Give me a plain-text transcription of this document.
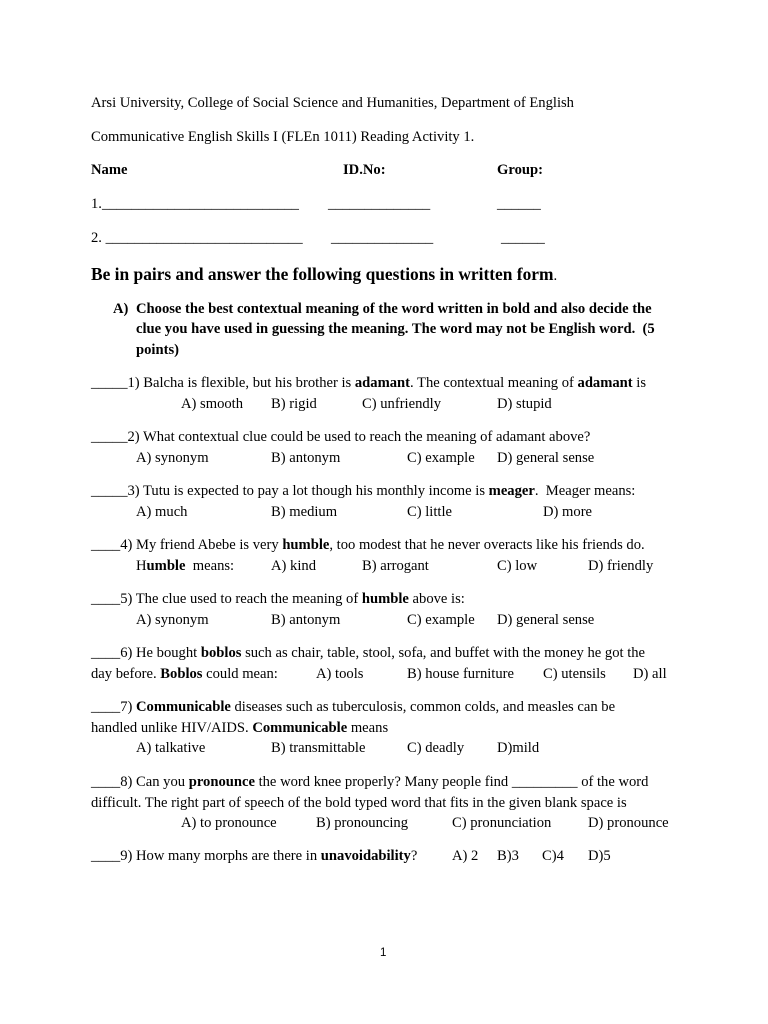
Arsi University, College of Social Science and Humanities, Department of English
Communicative English Skills I (FLEn 1011) Reading Activity 1.
Name	ID.No:	Group:
1.___________________________ ______________	______
2. ___________________________ ______________	______
Be in pairs and answer the following questions in written form.
A) Choose the best contextual meaning of the word written in bold and also decide the
clue you have used in guessing the meaning. The word may not be English word.  (5
points)
_____1) Balcha is flexible, but his brother is adamant. The contextual meaning of adamant is
A) smooth B) rigid	C) unfriendly	D) stupid
_____2) What contextual clue could be used to reach the meaning of adamant above?
A) synonym	B) antonym	C) example D) general sense
_____3) Tutu is expected to pay a lot though his monthly income is meager.  Meager means:
A) much	B) medium	C) little	D) more
____4) My friend Abebe is very humble, too modest that he never overacts like his friends do.
Humble  means:	A) kind	B) arrogant	C) low	D) friendly
____5) The clue used to reach the meaning of humble above is:
A) synonym	B) antonym	C) example D) general sense
____6) He bought boblos such as chair, table, stool, sofa, and buffet with the money he got the
day before. Boblos could mean:	A) tools	B) house furniture C) utensils D) all
____7) Communicable diseases such as tuberculosis, common colds, and measles can be
handled unlike HIV/AIDS. Communicable means
A) talkative	B) transmittable	C) deadly D)mild
____8) Can you pronounce the word knee properly? Many people find _________ of the word
difficult. The right part of speech of the bold typed word that fits in the given blank space is
A) to pronounce	B) pronouncing	C) pronunciation	D) pronounce
____9) How many morphs are there in unavoidability? A) 2 B)3 C)4 D)5
1
